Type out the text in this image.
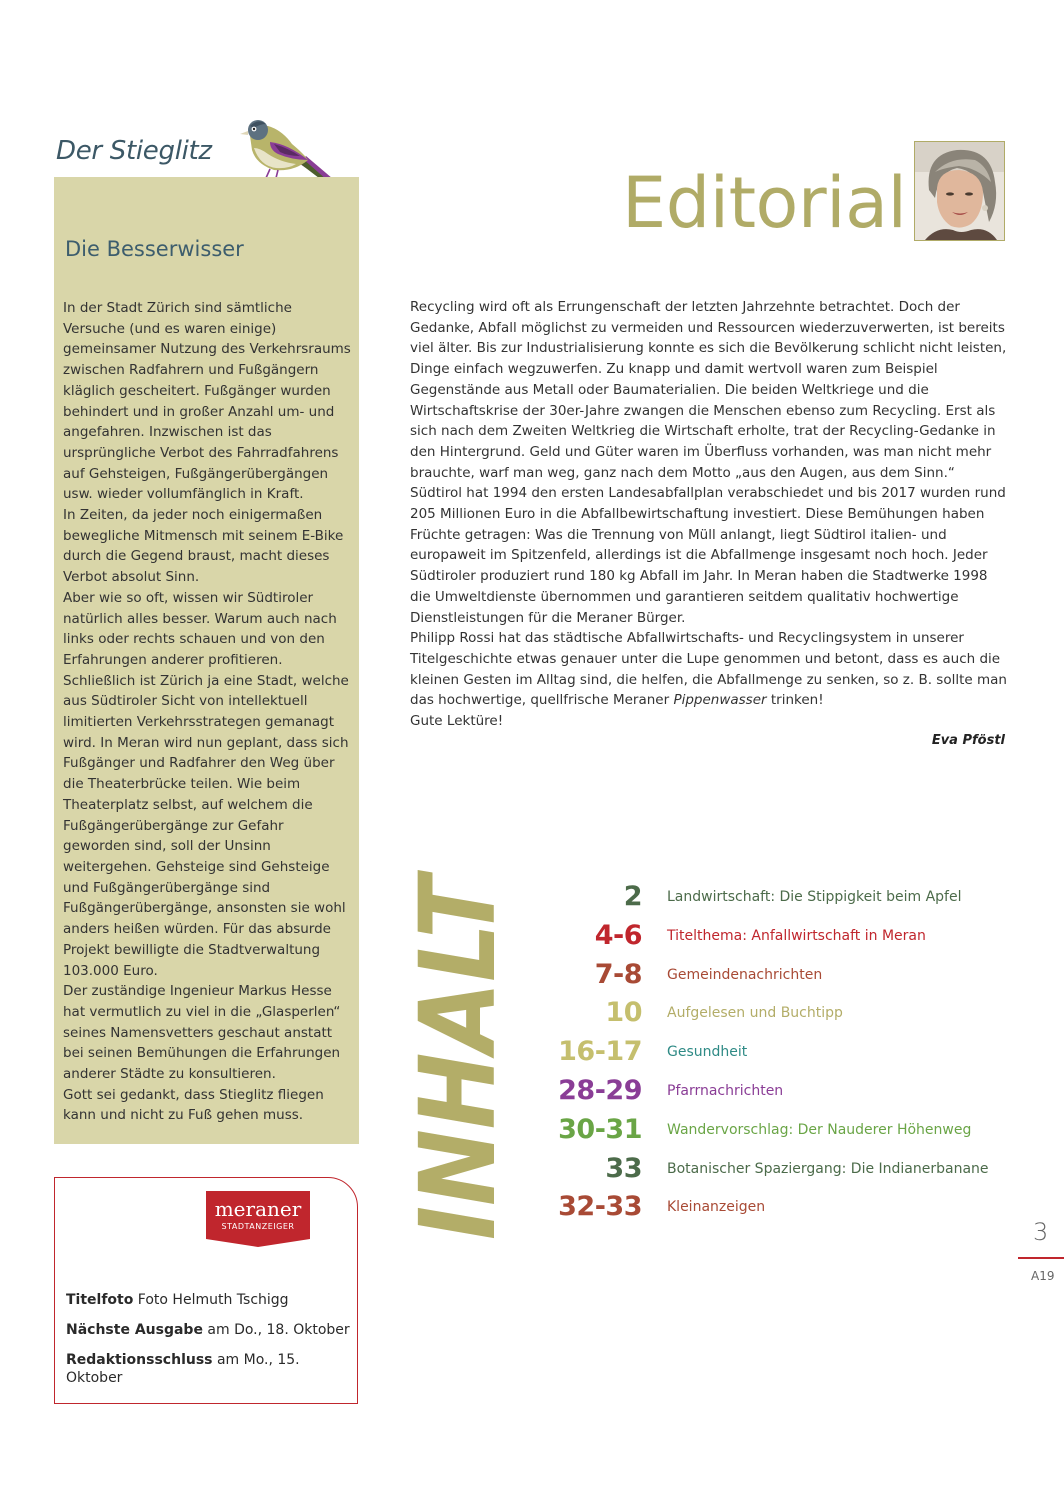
Der Stieglitz
Die Besserwisser
In der Stadt Zürich sind sämtliche Versuche (und es waren einige) gemeinsamer Nutzung des Verkehrsraums zwischen Radfahrern und Fußgängern kläglich gescheitert. Fußgänger wurden behindert und in großer Anzahl um- und angefahren. Inzwischen ist das ursprüngliche Verbot des Fahrradfahrens auf Gehsteigen, Fußgängerübergängen usw. wieder vollumfänglich in Kraft.
In Zeiten, da jeder noch einigermaßen bewegliche Mitmensch mit seinem E-Bike durch die Gegend braust, macht dieses Verbot absolut Sinn.
Aber wie so oft, wissen wir Südtiroler natürlich alles besser. Warum auch nach links oder rechts schauen und von den Erfahrungen anderer profitieren.
Schließlich ist Zürich ja eine Stadt, welche aus Südtiroler Sicht von intellektuell limitierten Verkehrsstrategen gemanagt wird. In Meran wird nun geplant, dass sich Fußgänger und Radfahrer den Weg über die Theaterbrücke teilen. Wie beim Theaterplatz selbst, auf welchem die Fußgängerübergänge zur Gefahr geworden sind, soll der Unsinn weitergehen. Gehsteige sind Gehsteige und Fußgängerübergänge sind Fußgängerübergänge, ansonsten sie wohl anders heißen würden. Für das absurde Projekt bewilligte die Stadtverwaltung 103.000 Euro.
Der zuständige Ingenieur Markus Hesse hat vermutlich zu viel in die „Glasperlen“ seines Namensvetters geschaut anstatt bei seinen Bemühungen die Erfahrungen anderer Städte zu konsultieren.
Gott sei gedankt, dass Stieglitz fliegen kann und nicht zu Fuß gehen muss.
meraner
STADTANZEIGER
Titelfoto Foto Helmuth Tschigg
Nächste Ausgabe am Do., 18. Oktober
Redaktionsschluss am Mo., 15. Oktober
Editorial

Recycling wird oft als Errungenschaft der letzten Jahrzehnte betrachtet. Doch der Gedanke, Abfall möglichst zu vermeiden und Ressourcen wiederzuverwerten, ist bereits viel älter. Bis zur Industrialisierung konnte es sich die Bevölkerung schlicht nicht leisten, Dinge einfach wegzuwerfen. Zu knapp und damit wertvoll waren zum Beispiel Gegenstände aus Metall oder Baumaterialien. Die beiden Weltkriege und die Wirtschaftskrise der 30er-Jahre zwangen die Menschen ebenso zum Recycling. Erst als sich nach dem Zweiten Weltkrieg die Wirtschaft erholte, trat der Recycling-Gedanke in den Hintergrund. Geld und Güter waren im Überfluss vorhanden, was man nicht mehr brauchte, warf man weg, ganz nach dem Motto „aus den Augen, aus dem Sinn.“

Südtirol hat 1994 den ersten Landesabfallplan verabschiedet und bis 2017 wurden rund 205 Millionen Euro in die Abfallbewirtschaftung investiert. Diese Bemühungen haben Früchte getragen: Was die Trennung von Müll anlangt, liegt Südtirol italien- und europaweit im Spitzenfeld, allerdings ist die Abfallmenge insgesamt noch hoch. Jeder Südtiroler produziert rund 180 kg Abfall im Jahr. In Meran haben die Stadtwerke 1998 die Umweltdienste übernommen und garantieren seitdem qualitativ hochwertige Dienstleistungen für die Meraner Bürger.

Philipp Rossi hat das städtische Abfallwirtschafts- und Recyclingsystem in unserer Titelgeschichte etwas genauer unter die Lupe genommen und betont, dass es auch die kleinen Gesten im Alltag sind, die helfen, die Abfallmenge zu senken, so z. B. sollte man das hochwertige, quellfrische Meraner Pippenwasser trinken!

Gute Lektüre!

Eva Pföstl
INHALT	2 Landwirtschaft: Die Stippigkeit beim Apfel
4-6 Titelthema: Anfallwirtschaft in Meran
7-8 Gemeindenachrichten
10 Aufgelesen und Buchtipp
16-17 Gesundheit
28-29 Pfarrnachrichten
30-31 Wandervorschlag: Der Nauderer Höhenweg
33 Botanischer Spaziergang: Die Indianerbanane
32-33 Kleinanzeigen
3
A19
